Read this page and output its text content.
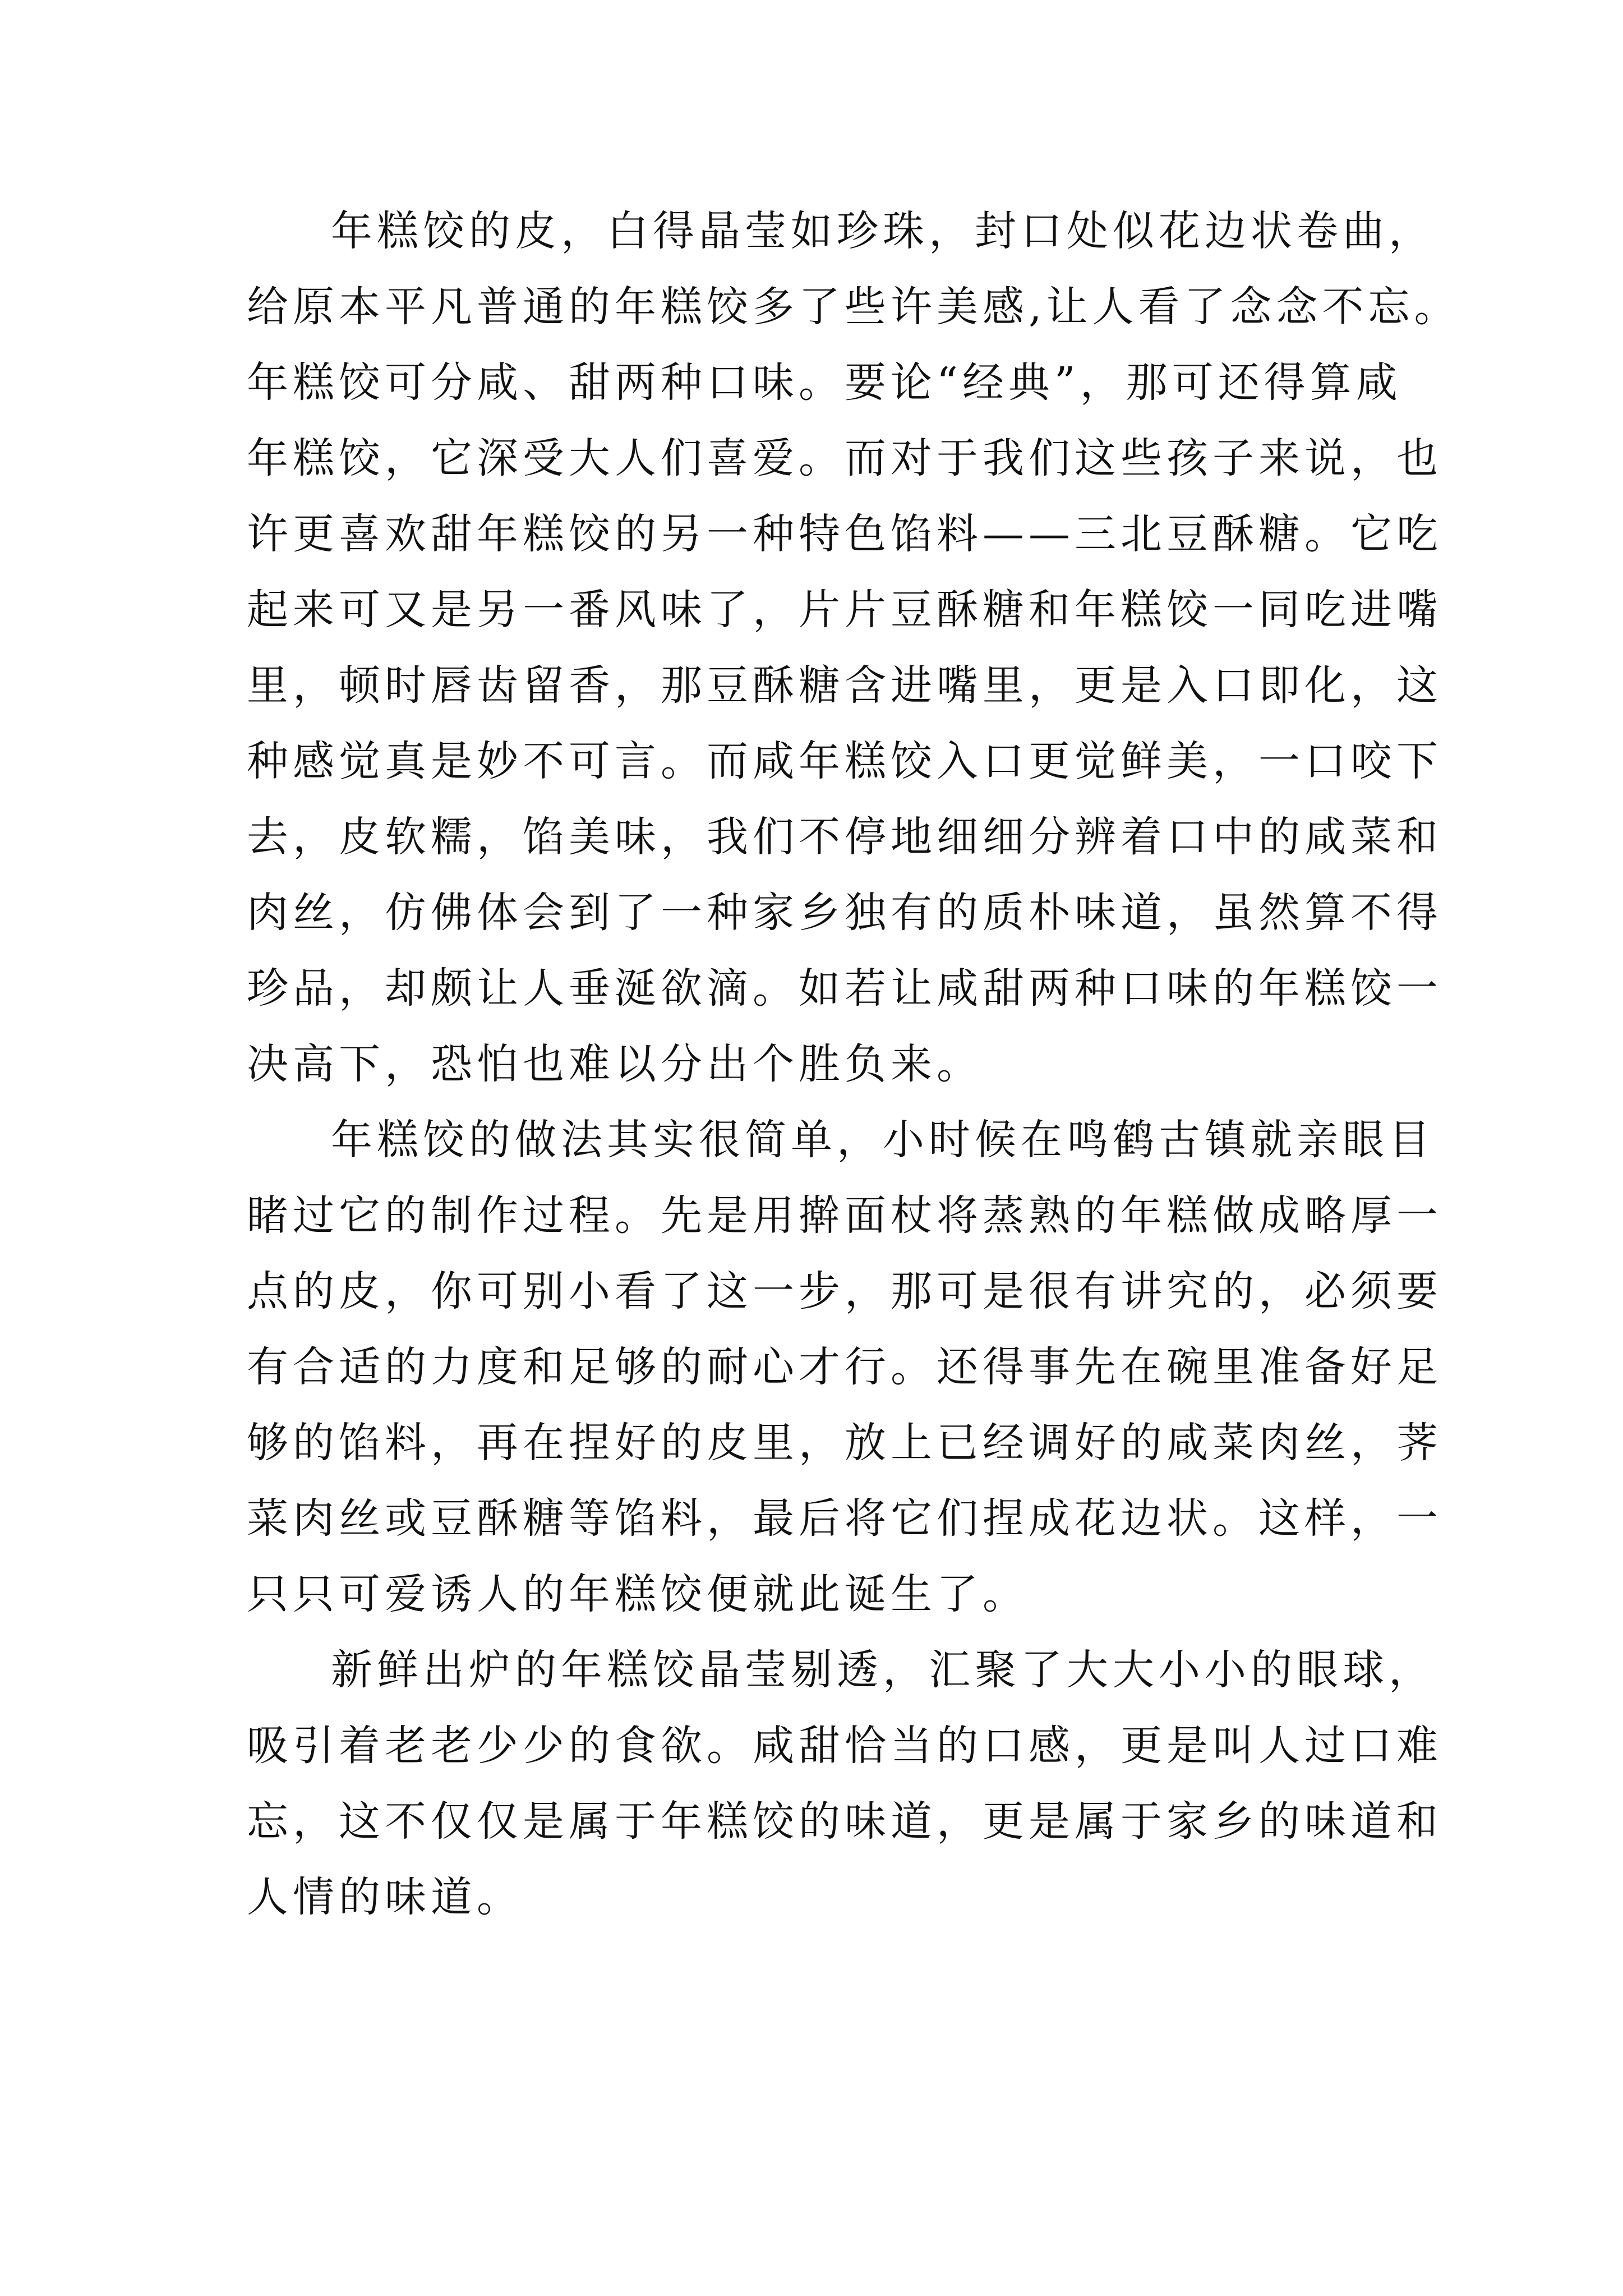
年糕饺的皮，白得晶莹如珍珠，封口处似花边状卷曲，
给原本平凡普通的年糕饺多了些许美感,让人看了念念不忘。
年糕饺可分咸、甜两种口味。要论“经典”，那可还得算咸
年糕饺，它深受大人们喜爱。而对于我们这些孩子来说，也
许更喜欢甜年糕饺的另一种特色馅料——三北豆酥糖。它吃
起来可又是另一番风味了，片片豆酥糖和年糕饺一同吃进嘴
里，顿时唇齿留香，那豆酥糖含进嘴里，更是入口即化，这
种感觉真是妙不可言。而咸年糕饺入口更觉鲜美，一口咬下
去，皮软糯，馅美味，我们不停地细细分辨着口中的咸菜和
肉丝，仿佛体会到了一种家乡独有的质朴味道，虽然算不得
珍品，却颇让人垂涎欲滴。如若让咸甜两种口味的年糕饺一
决高下，恐怕也难以分出个胜负来。
年糕饺的做法其实很简单，小时候在鸣鹤古镇就亲眼目
睹过它的制作过程。先是用擀面杖将蒸熟的年糕做成略厚一
点的皮，你可别小看了这一步，那可是很有讲究的，必须要
有合适的力度和足够的耐心才行。还得事先在碗里准备好足
够的馅料，再在捏好的皮里，放上已经调好的咸菜肉丝，荠
菜肉丝或豆酥糖等馅料，最后将它们捏成花边状。这样，一
只只可爱诱人的年糕饺便就此诞生了。
新鲜出炉的年糕饺晶莹剔透，汇聚了大大小小的眼球，
吸引着老老少少的食欲。咸甜恰当的口感，更是叫人过口难
忘，这不仅仅是属于年糕饺的味道，更是属于家乡的味道和
人情的味道。
